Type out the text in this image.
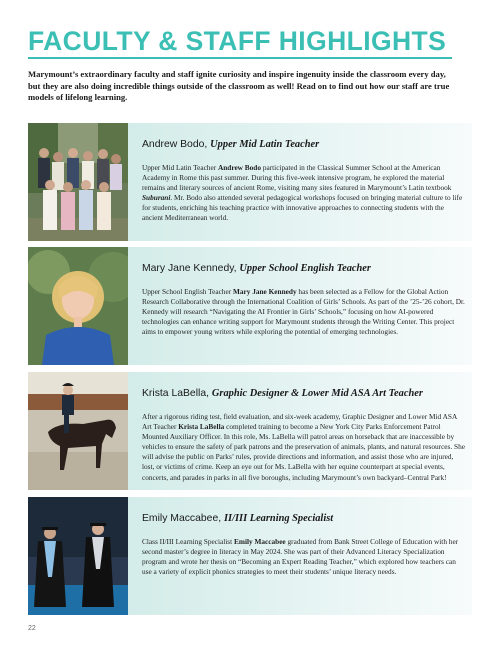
FACULTY & STAFF HIGHLIGHTS

Marymount’s extraordinary faculty and staff ignite curiosity and inspire ingenuity inside the classroom every day, but they are also doing incredible things outside of the classroom as well! Read on to find out how our staff are true models of lifelong learning.

Andrew Bodo, Upper Mid Latin Teacher

Upper Mid Latin Teacher Andrew Bodo participated in the Classical Summer School at the American Academy in Rome this past summer. During this five-week intensive program, he explored the material remains and literary sources of ancient Rome, visiting many sites featured in Marymount’s Latin textbook Suburani. Mr. Bodo also attended several pedagogical workshops focused on bringing material culture to life for students, enriching his teaching practice with innovative approaches to connecting students with the ancient Mediterranean world.

Mary Jane Kennedy, Upper School English Teacher

Upper School English Teacher Mary Jane Kennedy has been selected as a Fellow for the Global Action Research Collaborative through the International Coalition of Girls’ Schools. As part of the ’25-’26 cohort, Dr. Kennedy will research “Navigating the AI Frontier in Girls’ Schools,” focusing on how AI-powered technologies can enhance writing support for Marymount students through the Writing Center. This project aims to empower young writers while exploring the potential of emerging technologies.

Krista LaBella, Graphic Designer & Lower Mid ASA Art Teacher

After a rigorous riding test, field evaluation, and six-week academy, Graphic Designer and Lower Mid ASA Art Teacher Krista LaBella completed training to become a New York City Parks Enforcement Patrol Mounted Auxiliary Officer. In this role, Ms. LaBella will patrol areas on horseback that are inaccessible by vehicles to ensure the safety of park patrons and the preservation of animals, plants, and natural resources. She will advise the public on Parks’ rules, provide directions and information, and assist those who are injured, lost, or victims of crime. Keep an eye out for Ms. LaBella with her equine counterpart at special events, concerts, and parades in parks in all five boroughs, including Marymount’s own backyard–Central Park!

Emily Maccabee, II/III Learning Specialist

Class II/III Learning Specialist Emily Maccabee graduated from Bank Street College of Education with her second master’s degree in literacy in May 2024. She was part of their Advanced Literacy Specialization program and wrote her thesis on “Becoming an Expert Reading Teacher,” which explored how teachers can use a variety of explicit phonics strategies to meet their students’ unique literacy needs.

22
